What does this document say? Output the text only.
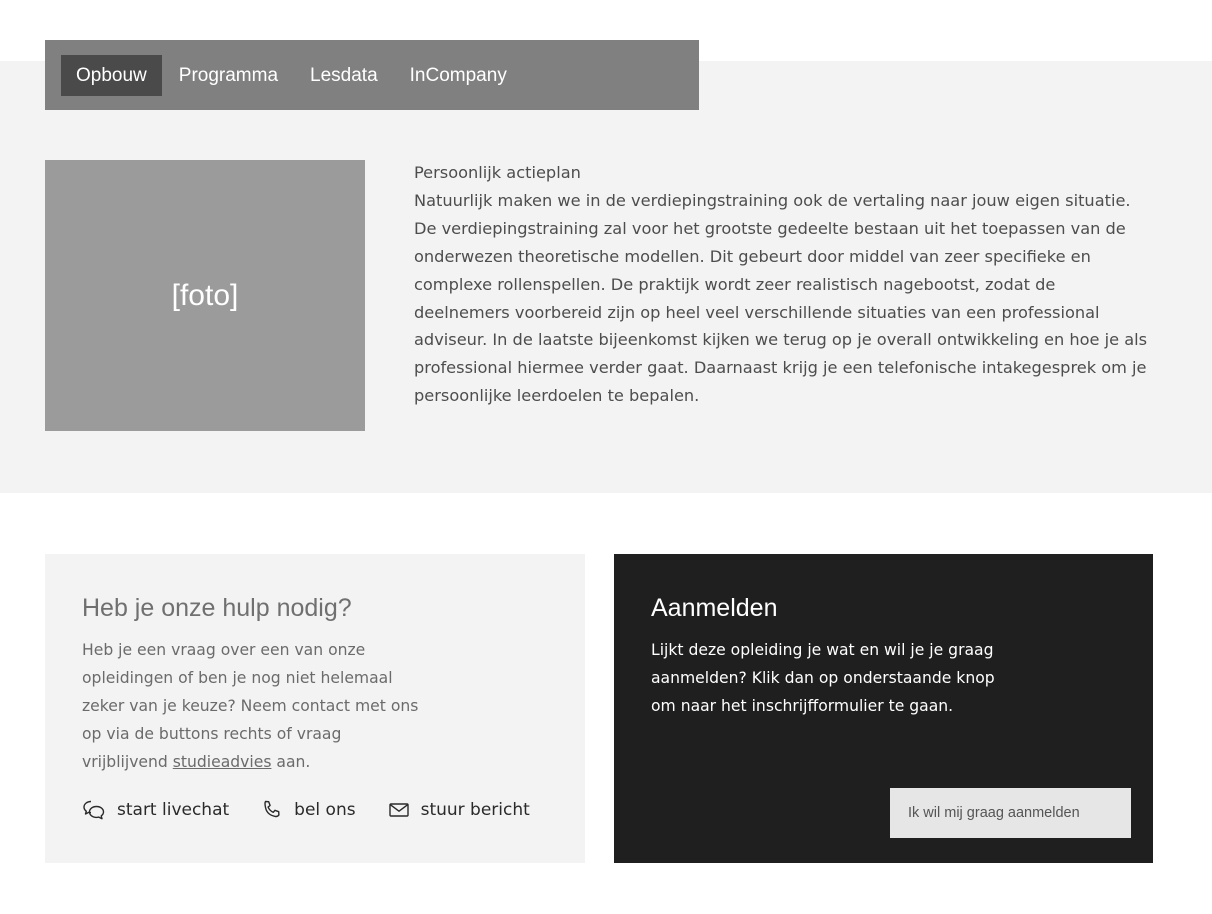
Opbouw	Programma	Lesdata	InCompany
[foto]

Persoonlijk actieplan

Natuurlijk maken we in de verdiepingstraining ook de vertaling naar jouw eigen situatie. De verdiepingstraining zal voor het grootste gedeelte bestaan uit het toepassen van de onderwezen theoretische modellen. Dit gebeurt door middel van zeer specifieke en complexe rollenspellen. De praktijk wordt zeer realistisch nagebootst, zodat de deelnemers voorbereid zijn op heel veel verschillende situaties van een professional adviseur. In de laatste bijeenkomst kijken we terug op je overall ontwikkeling en hoe je als professional hiermee verder gaat. Daarnaast krijg je een telefonische intakegesprek om je persoonlijke leerdoelen te bepalen.

Heb je onze hulp nodig?
Heb je een vraag over een van onze opleidingen of ben je nog niet helemaal zeker van je keuze? Neem contact met ons op via de buttons rechts of vraag vrijblijvend studieadvies aan.
start livechat	bel ons	stuur bericht
Aanmelden

Lijkt deze opleiding je wat en wil je je graag aanmelden? Klik dan op onderstaande knop om naar het inschrijfformulier te gaan.

Ik wil mij graag aanmelden
